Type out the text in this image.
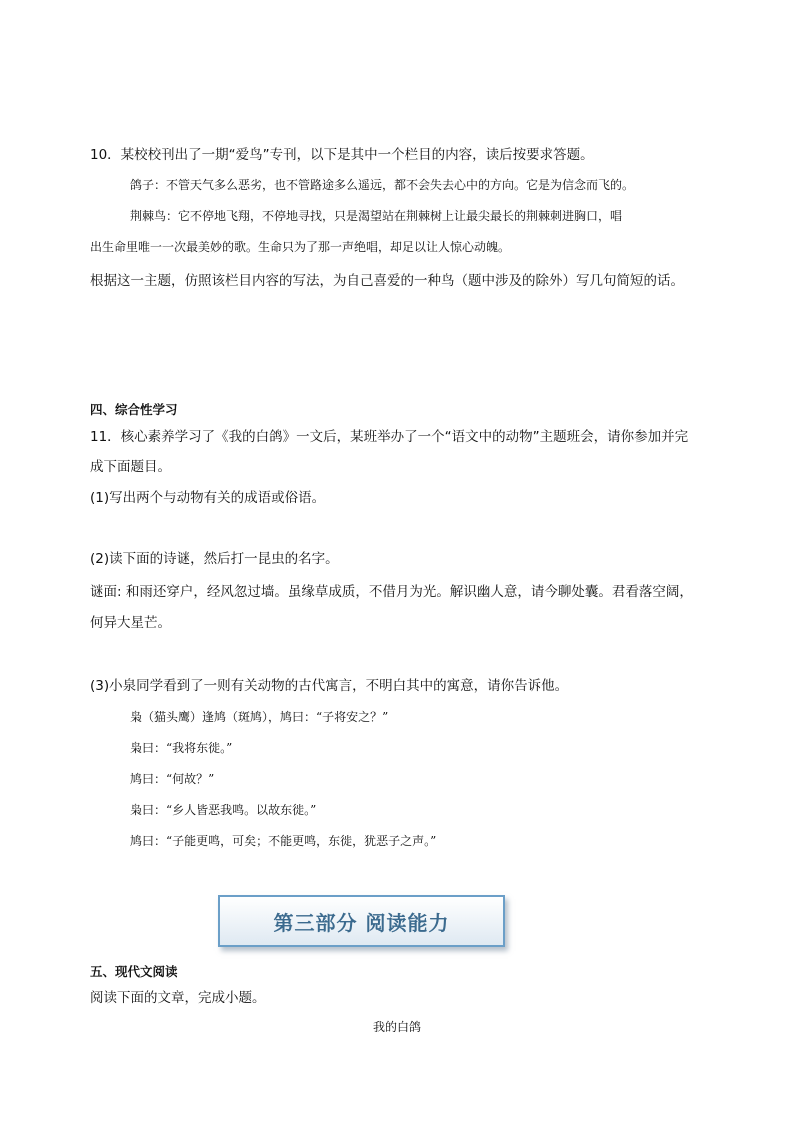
10．某校校刊出了一期“爱鸟”专刊，以下是其中一个栏目的内容，读后按要求答题。
鸽子：不管天气多么恶劣，也不管路途多么遥远，都不会失去心中的方向。它是为信念而飞的。
荆棘鸟：它不停地飞翔，不停地寻找，只是渴望站在荆棘树上让最尖最长的荆棘刺进胸口，唱
出生命里唯一一次最美妙的歌。生命只为了那一声绝唱，却足以让人惊心动魄。
根据这一主题，仿照该栏目内容的写法，为自己喜爱的一种鸟（题中涉及的除外）写几句简短的话。
四、综合性学习
11．核心素养学习了《我的白鸽》一文后，某班举办了一个“语文中的动物”主题班会，请你参加并完
成下面题目。
(1)写出两个与动物有关的成语或俗语。
(2)读下面的诗谜，然后打一昆虫的名字。
谜面: 和雨还穿户，经风忽过墙。虽缘草成质，不借月为光。解识幽人意，请今聊处囊。君看落空阔，
何异大星芒。
(3)小泉同学看到了一则有关动物的古代寓言，不明白其中的寓意，请你告诉他。
枭（猫头鹰）逢鸠（斑鸠），鸠曰：“子将安之？”
枭曰：“我将东徙。”
鸠曰：“何故？”
枭曰：“乡人皆恶我鸣。以故东徙。”
鸠曰：“子能更鸣，可矣；不能更鸣，东徙，犹恶子之声。”
第三部分 阅读能力
五、现代文阅读
阅读下面的文章，完成小题。
我的白鸽
